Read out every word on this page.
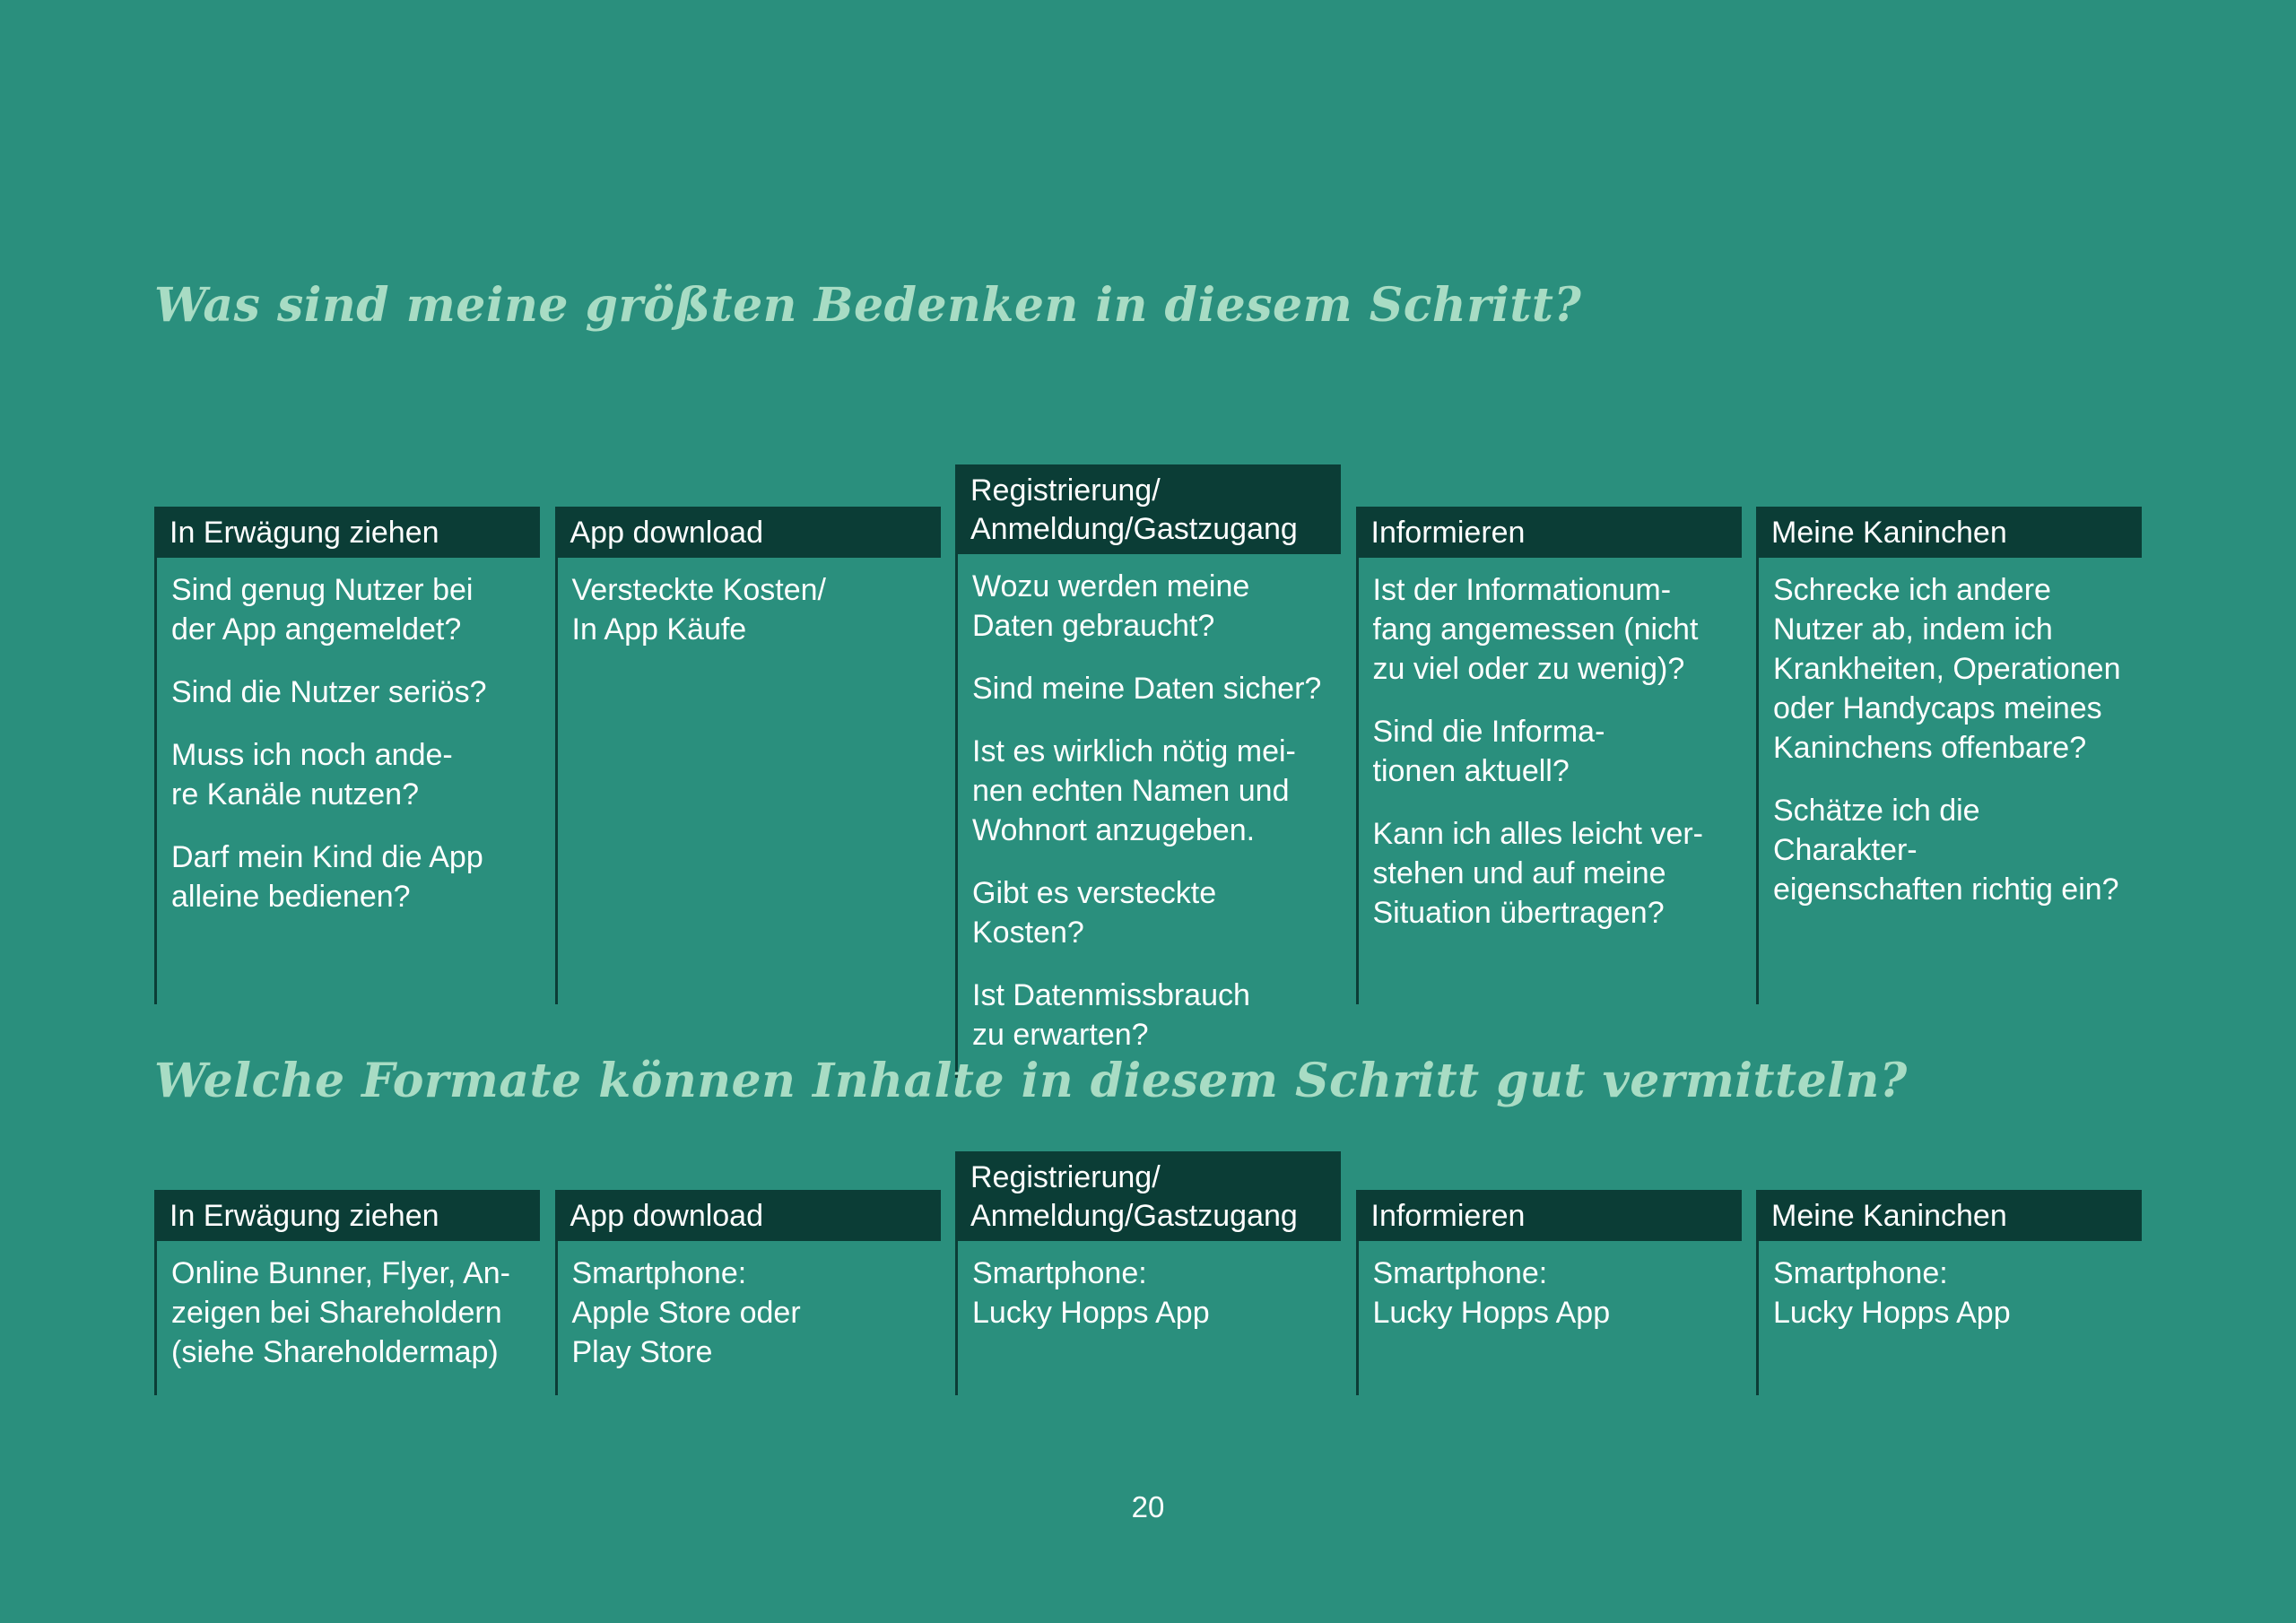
Was sind meine größten Bedenken in diesem Schritt?
In Erwägung ziehen

Sind genug Nutzer bei
der App angemeldet?

Sind die Nutzer seriös?

Muss ich noch ande-
re Kanäle nutzen?

Darf mein Kind die App
alleine bedienen?

App download

Versteckte Kosten/
In App Käufe

Registrierung/
Anmeldung/Gastzugang

Wozu werden meine
Daten gebraucht?

Sind meine Daten sicher?

Ist es wirklich nötig mei-
nen echten Namen und
Wohnort anzugeben.

Gibt es versteckte Kosten?

Ist Datenmissbrauch
zu erwarten?

Informieren

Ist der Informationum-
fang angemessen (nicht
zu viel oder zu wenig)?

Sind die Informa-
tionen aktuell?

Kann ich alles leicht ver-
stehen und auf meine
Situation übertragen?

Meine Kaninchen

Schrecke ich andere
Nutzer ab, indem ich
Krankheiten, Operationen
oder Handycaps meines
Kaninchens offenbare?

Schätze ich die Charakter-
eigenschaften richtig ein?

Welche Formate können Inhalte in diesem Schritt gut vermitteln?
In Erwägung ziehen

Online Bunner, Flyer, An-
zeigen bei Shareholdern
(siehe Shareholdermap)

App download

Smartphone:
Apple Store oder
Play Store

Registrierung/
Anmeldung/Gastzugang

Smartphone:
Lucky Hopps App

Informieren

Smartphone:
Lucky Hopps App

Meine Kaninchen

Smartphone:
Lucky Hopps App

20
